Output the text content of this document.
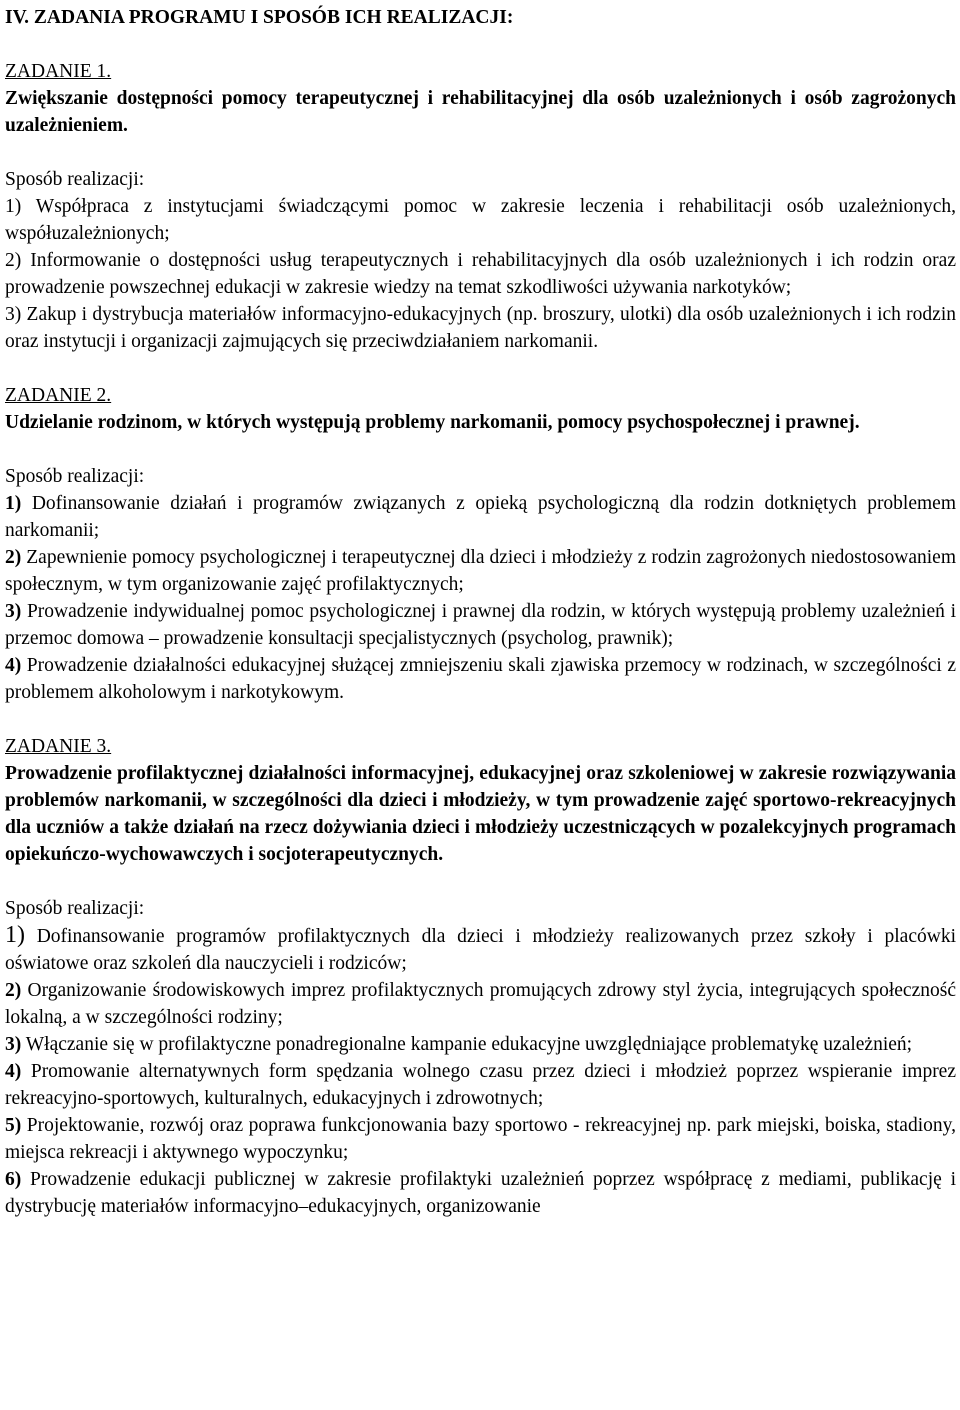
IV. ZADANIA PROGRAMU I SPOSÓB ICH REALIZACJI:
ZADANIE 1.
Zwiększanie dostępności pomocy terapeutycznej i rehabilitacyjnej dla osób uzależnionych i osób zagrożonych uzależnieniem.
Sposób realizacji:
1) Współpraca z instytucjami świadczącymi pomoc w zakresie leczenia i rehabilitacji osób uzależnionych, współuzależnionych;
2) Informowanie o dostępności usług terapeutycznych i rehabilitacyjnych dla osób uzależnionych i ich rodzin oraz prowadzenie powszechnej edukacji w zakresie wiedzy na temat szkodliwości używania narkotyków;
3) Zakup i dystrybucja materiałów informacyjno-edukacyjnych (np. broszury, ulotki) dla osób uzależnionych i ich rodzin oraz instytucji i organizacji zajmujących się przeciwdziałaniem narkomanii.
ZADANIE 2.
Udzielanie rodzinom, w których występują problemy narkomanii, pomocy psychospołecznej i prawnej.
Sposób realizacji:
1) Dofinansowanie działań i programów związanych z opieką psychologiczną dla rodzin dotkniętych problemem narkomanii;
2) Zapewnienie pomocy psychologicznej i terapeutycznej dla dzieci i młodzieży z rodzin zagrożonych niedostosowaniem społecznym, w tym organizowanie zajęć profilaktycznych;
3) Prowadzenie indywidualnej pomoc psychologicznej i prawnej dla rodzin, w których występują problemy uzależnień i przemoc domowa – prowadzenie konsultacji specjalistycznych (psycholog, prawnik);
4) Prowadzenie działalności edukacyjnej służącej zmniejszeniu skali zjawiska przemocy w rodzinach, w szczególności z problemem alkoholowym i narkotykowym.
ZADANIE 3.
Prowadzenie profilaktycznej działalności informacyjnej, edukacyjnej oraz szkoleniowej w zakresie rozwiązywania problemów narkomanii, w szczególności dla dzieci i młodzieży, w tym prowadzenie zajęć sportowo-rekreacyjnych dla uczniów a także działań na rzecz dożywiania dzieci i młodzieży uczestniczących w pozalekcyjnych programach opiekuńczo-wychowawczych i socjoterapeutycznych.
Sposób realizacji:
1) Dofinansowanie programów profilaktycznych dla dzieci i młodzieży realizowanych przez szkoły i placówki oświatowe oraz szkoleń dla nauczycieli i rodziców;
2) Organizowanie środowiskowych imprez profilaktycznych promujących zdrowy styl życia, integrujących społeczność lokalną, a w szczególności rodziny;
3) Włączanie się w profilaktyczne ponadregionalne kampanie edukacyjne uwzględniające problematykę uzależnień;
4) Promowanie alternatywnych form spędzania wolnego czasu przez dzieci i młodzież poprzez wspieranie imprez rekreacyjno-sportowych, kulturalnych, edukacyjnych i zdrowotnych;
5) Projektowanie, rozwój oraz poprawa funkcjonowania bazy sportowo - rekreacyjnej np. park miejski, boiska, stadiony, miejsca rekreacji i aktywnego wypoczynku;
6) Prowadzenie edukacji publicznej w zakresie profilaktyki uzależnień poprzez współpracę z mediami, publikację i dystrybucję materiałów informacyjno–edukacyjnych, organizowanie
